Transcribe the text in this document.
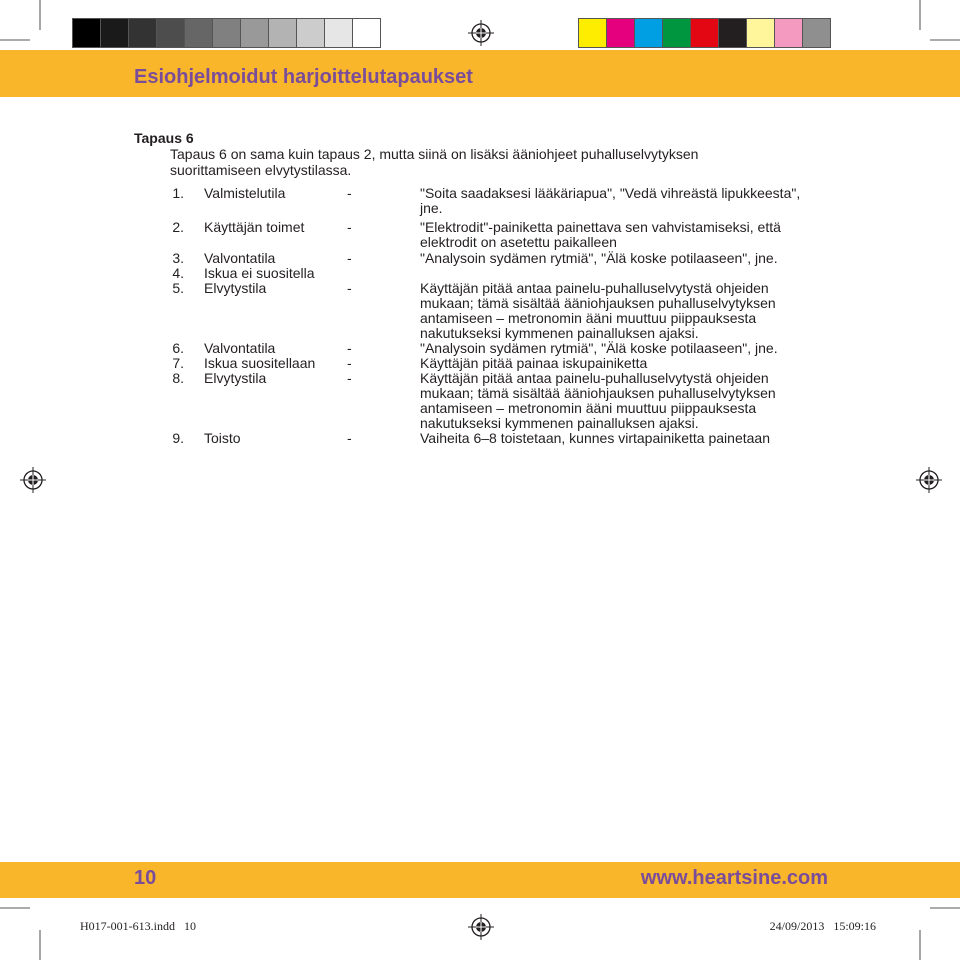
Esiohjelmoidut harjoittelutapaukset
Tapaus 6
Tapaus 6 on sama kuin tapaus 2, mutta siinä on lisäksi ääniohjeet puhalluselvytyksen suorittamiseen elvytystilassa.
1. Valmistelutila	-	"Soita saadaksesi lääkäriapua", "Vedä vihreästä lipukkeesta", jne.
2. Käyttäjän toimet	-	"Elektrodit"-painiketta painettava sen vahvistamiseksi, että elektrodit on asetettu paikalleen
3. Valvontatila	-	"Analysoin sydämen rytmiä", "Älä koske potilaaseen", jne.
4. Iskua ei suositella
5. Elvytystila	-	Käyttäjän pitää antaa painelu-puhalluselvytystä ohjeiden mukaan; tämä sisältää ääniohjauksen puhalluselvytyksen antamiseen – metronomin ääni muuttuu piippauksesta nakutukseksi kymmenen painalluksen ajaksi.
6. Valvontatila	-	"Analysoin sydämen rytmiä", "Älä koske potilaaseen", jne.
7. Iskua suositellaan -	Käyttäjän pitää painaa iskupainiketta
8. Elvytystila	-	Käyttäjän pitää antaa painelu-puhalluselvytystä ohjeiden mukaan; tämä sisältää ääniohjauksen puhalluselvytyksen antamiseen – metronomin ääni muuttuu piippauksesta nakutukseksi kymmenen painalluksen ajaksi.
9. Toisto	-	Vaiheita 6–8 toistetaan, kunnes virtapainiketta painetaan
10	www.heartsine.com
H017-001-613.indd   10	24/09/2013   15:09:16
